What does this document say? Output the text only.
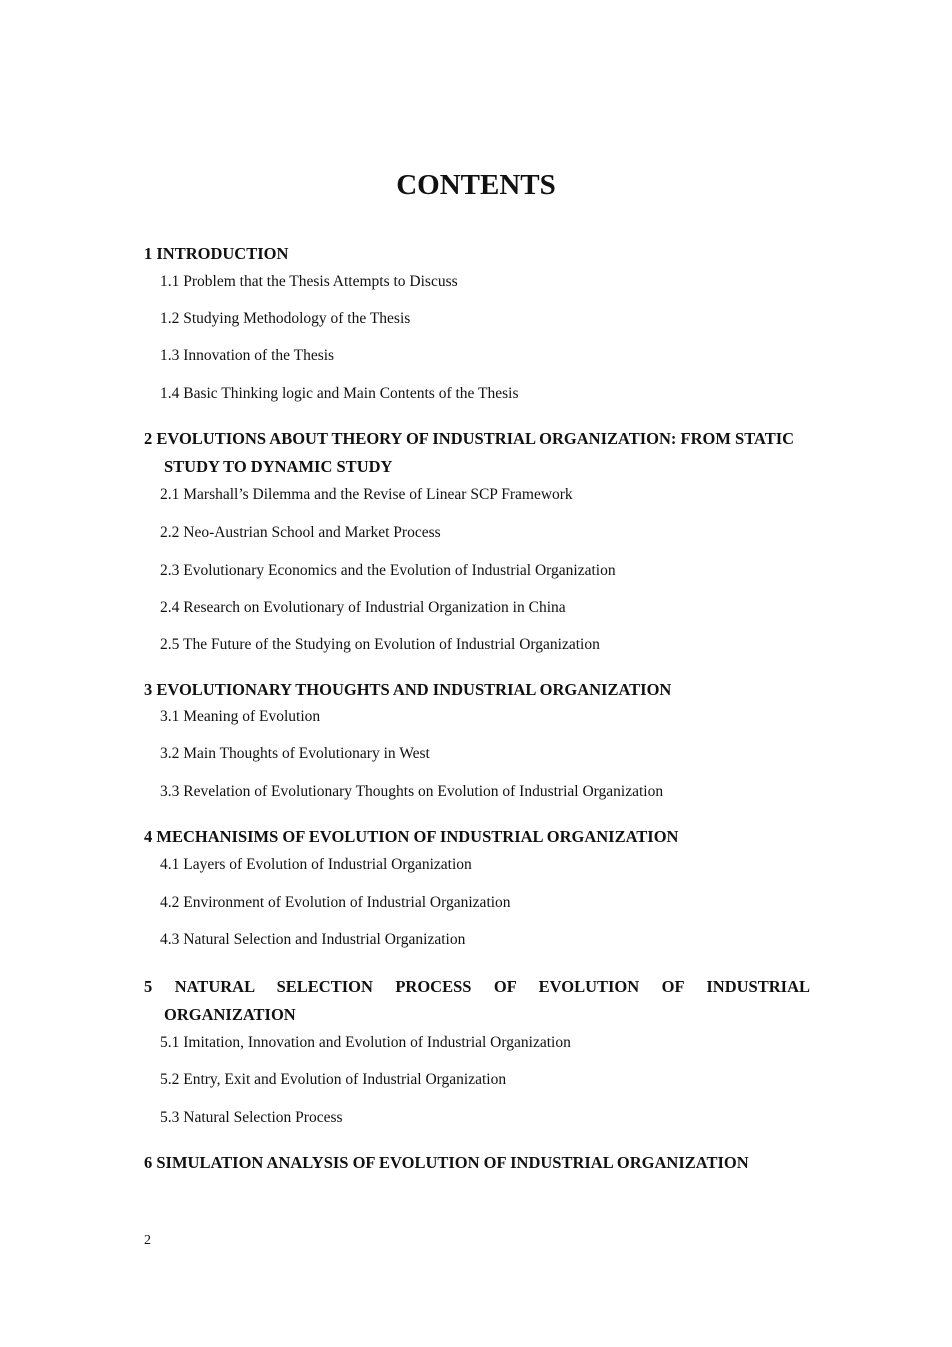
CONTENTS

1 INTRODUCTION

1.1 Problem that the Thesis Attempts to Discuss
1.2 Studying Methodology of the Thesis
1.3 Innovation of the Thesis
1.4 Basic Thinking logic and Main Contents of the Thesis

2 EVOLUTIONS ABOUT THEORY OF INDUSTRIAL ORGANIZATION: FROM STATIC STUDY TO DYNAMIC STUDY

2.1 Marshall’s Dilemma and the Revise of Linear SCP Framework
2.2 Neo-Austrian School and Market Process
2.3 Evolutionary Economics and the Evolution of Industrial Organization
2.4 Research on Evolutionary of Industrial Organization in China
2.5 The Future of the Studying on Evolution of Industrial Organization

3 EVOLUTIONARY THOUGHTS AND INDUSTRIAL ORGANIZATION

3.1 Meaning of Evolution
3.2 Main Thoughts of Evolutionary in West
3.3 Revelation of Evolutionary Thoughts on Evolution of Industrial Organization

4 MECHANISIMS OF EVOLUTION OF INDUSTRIAL ORGANIZATION

4.1 Layers of Evolution of Industrial Organization
4.2 Environment of Evolution of Industrial Organization
4.3 Natural Selection and Industrial Organization

5 NATURAL SELECTION PROCESS OF EVOLUTION OF INDUSTRIAL ORGANIZATION

5.1 Imitation, Innovation and Evolution of Industrial Organization
5.2 Entry, Exit and Evolution of Industrial Organization
5.3 Natural Selection Process

6 SIMULATION ANALYSIS OF EVOLUTION OF INDUSTRIAL ORGANIZATION

2
